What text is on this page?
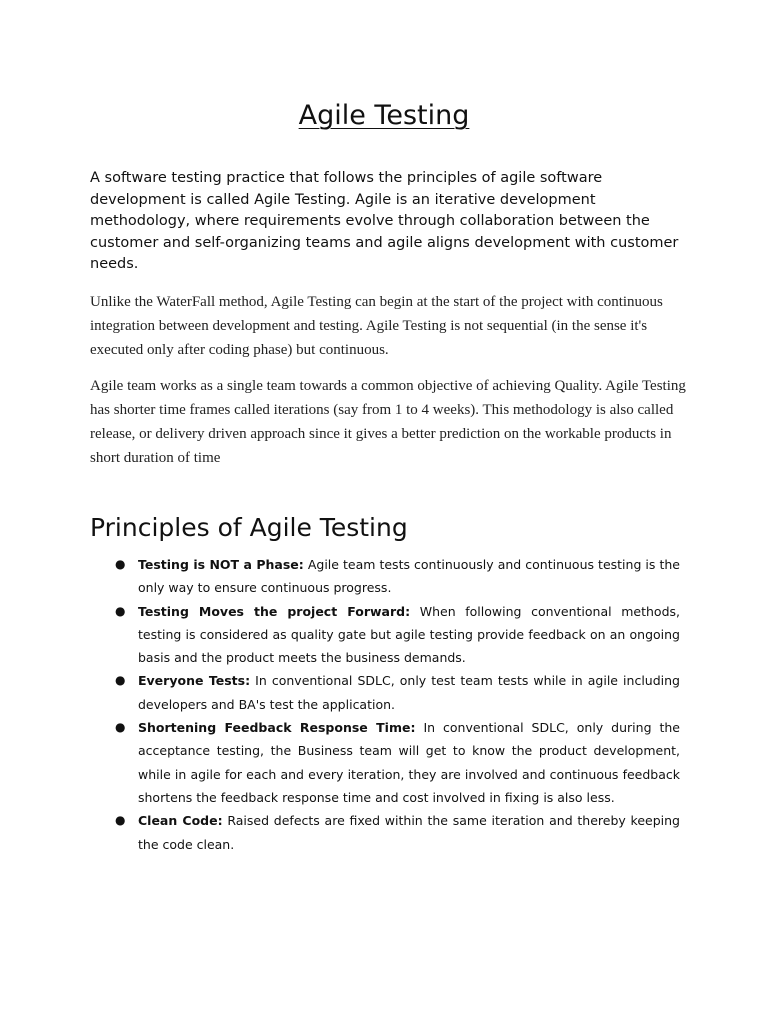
Agile Testing

A software testing practice that follows the principles of agile software development is called Agile Testing. Agile is an iterative development methodology, where requirements evolve through collaboration between the customer and self-organizing teams and agile aligns development with customer needs.

Unlike the WaterFall method, Agile Testing can begin at the start of the project with continuous integration between development and testing. Agile Testing is not sequential (in the sense it's executed only after coding phase) but continuous.

Agile team works as a single team towards a common objective of achieving Quality. Agile Testing has shorter time frames called iterations (say from 1 to 4 weeks). This methodology is also called release, or delivery driven approach since it gives a better prediction on the workable products in short duration of time

Principles of Agile Testing
● Testing is NOT a Phase: Agile team tests continuously and continuous testing is the only way to ensure continuous progress.
● Testing Moves the project Forward: When following conventional methods, testing is considered as quality gate but agile testing provide feedback on an ongoing basis and the product meets the business demands.
● Everyone Tests: In conventional SDLC, only test team tests while in agile including developers and BA's test the application.
● Shortening Feedback Response Time: In conventional SDLC, only during the acceptance testing, the Business team will get to know the product development, while in agile for each and every iteration, they are involved and continuous feedback shortens the feedback response time and cost involved in fixing is also less.
● Clean Code: Raised defects are fixed within the same iteration and thereby keeping the code clean.
